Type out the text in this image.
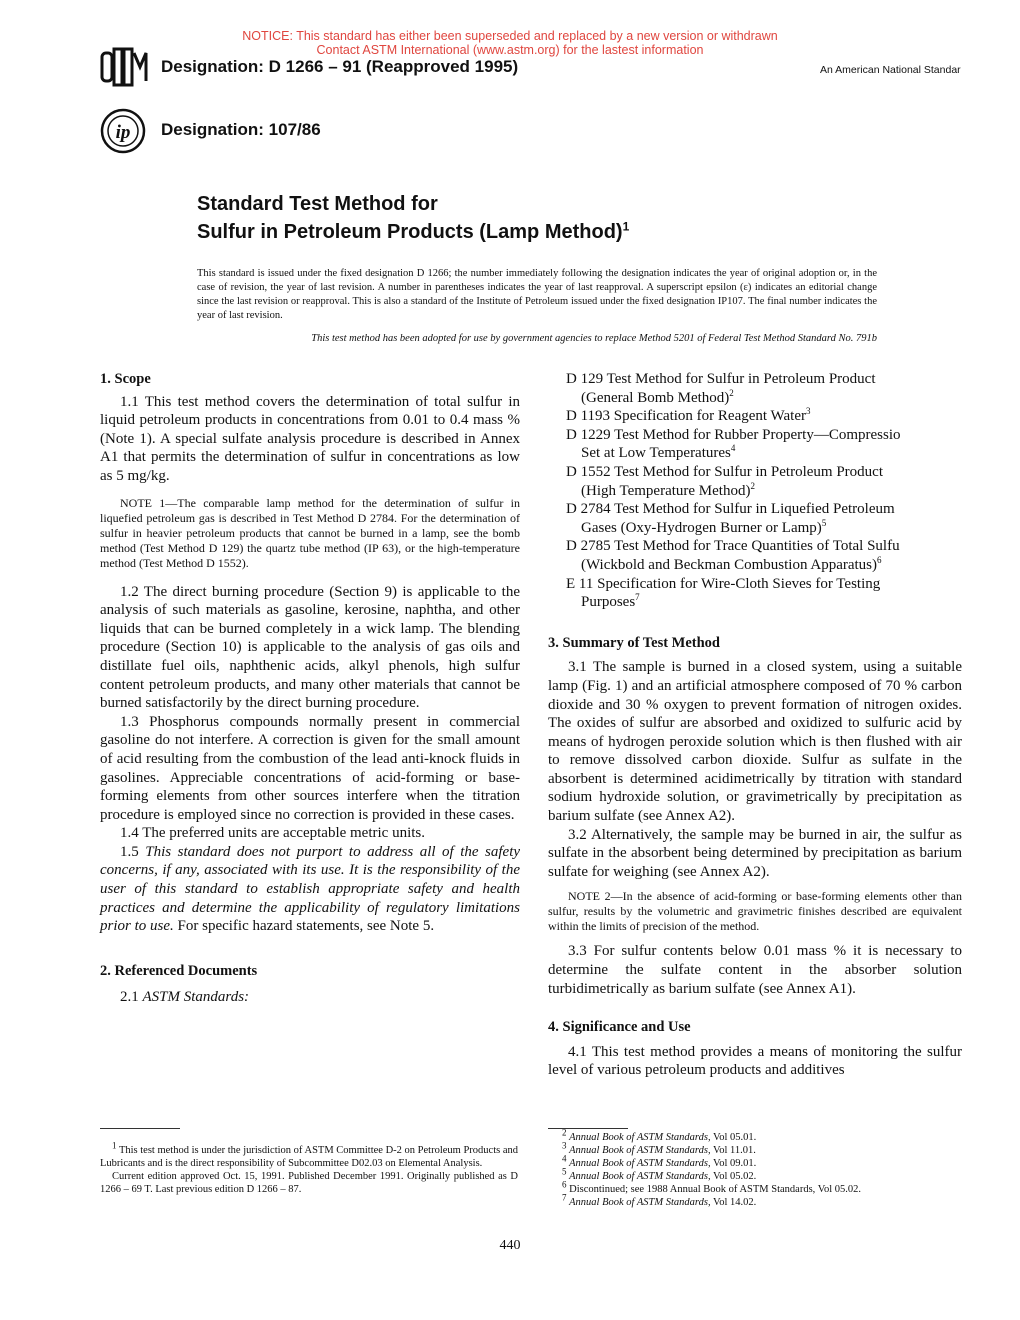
NOTICE: This standard has either been superseded and replaced by a new version or withdrawn
Contact ASTM International (www.astm.org) for the lastest information
Designation: D 1266 – 91 (Reapproved 1995)	An American National Standar
ip Designation: 107/86
Standard Test Method for
Sulfur in Petroleum Products (Lamp Method)$^1$
This standard is issued under the fixed designation D 1266; the number immediately following the designation indicates the year of original adoption or, in the case of revision, the year of last revision. A number in parentheses indicates the year of last reapproval. A superscript epsilon (ε) indicates an editorial change since the last revision or reapproval. This is also a standard of the Institute of Petroleum issued under the fixed designation IP107. The final number indicates the year of last revision.
This test method has been adopted for use by government agencies to replace Method 5201 of Federal Test Method Standard No. 791b
1. Scope

1.1 This test method covers the determination of total sulfur in liquid petroleum products in concentrations from 0.01 to 0.4 mass % (Note 1). A special sulfate analysis procedure is described in Annex A1 that permits the determination of sulfur in concentrations as low as 5 mg/kg.

NOTE 1—The comparable lamp method for the determination of sulfur in liquefied petroleum gas is described in Test Method D 2784. For the determination of sulfur in heavier petroleum products that cannot be burned in a lamp, see the bomb method (Test Method D 129) the quartz tube method (IP 63), or the high-temperature method (Test Method D 1552).

1.2 The direct burning procedure (Section 9) is applicable to the analysis of such materials as gasoline, kerosine, naphtha, and other liquids that can be burned completely in a wick lamp. The blending procedure (Section 10) is applicable to the analysis of gas oils and distillate fuel oils, naphthenic acids, alkyl phenols, high sulfur content petroleum products, and many other materials that cannot be burned satisfactorily by the direct burning procedure.

1.3 Phosphorus compounds normally present in commercial gasoline do not interfere. A correction is given for the small amount of acid resulting from the combustion of the lead anti-knock fluids in gasolines. Appreciable concentrations of acid-forming or base-forming elements from other sources interfere when the titration procedure is employed since no correction is provided in these cases.

1.4 The preferred units are acceptable metric units.

1.5 This standard does not purport to address all of the safety concerns, if any, associated with its use. It is the responsibility of the user of this standard to establish appropriate safety and health practices and determine the applicability of regulatory limitations prior to use. For specific hazard statements, see Note 5.

2. Referenced Documents

2.1 ASTM Standards:

D 129 Test Method for Sulfur in Petroleum Product
(General Bomb Method)$^2$
D 1193 Specification for Reagent Water$^3$
D 1229 Test Method for Rubber Property—Compressio
Set at Low Temperatures$^4$
D 1552 Test Method for Sulfur in Petroleum Product
(High Temperature Method)$^2$
D 2784 Test Method for Sulfur in Liquefied Petroleum
Gases (Oxy-Hydrogen Burner or Lamp)$^5$
D 2785 Test Method for Trace Quantities of Total Sulfu
(Wickbold and Beckman Combustion Apparatus)$^6$
E 11 Specification for Wire-Cloth Sieves for Testing
Purposes$^7$
3. Summary of Test Method

3.1 The sample is burned in a closed system, using a suitable lamp (Fig. 1) and an artificial atmosphere composed of 70 % carbon dioxide and 30 % oxygen to prevent formation of nitrogen oxides. The oxides of sulfur are absorbed and oxidized to sulfuric acid by means of hydrogen peroxide solution which is then flushed with air to remove dissolved carbon dioxide. Sulfur as sulfate in the absorbent is determined acidimetrically by titration with standard sodium hydroxide solution, or gravimetrically by precipitation as barium sulfate (see Annex A2).

3.2 Alternatively, the sample may be burned in air, the sulfur as sulfate in the absorbent being determined by precipitation as barium sulfate for weighing (see Annex A2).

NOTE 2—In the absence of acid-forming or base-forming elements other than sulfur, results by the volumetric and gravimetric finishes described are equivalent within the limits of precision of the method.

3.3 For sulfur contents below 0.01 mass % it is necessary to determine the sulfate content in the absorber solution turbidimetrically as barium sulfate (see Annex A1).

4. Significance and Use

4.1 This test method provides a means of monitoring the sulfur level of various petroleum products and additives

$^1$ This test method is under the jurisdiction of ASTM Committee D-2 on Petroleum Products and Lubricants and is the direct responsibility of Subcommittee D02.03 on Elemental Analysis.

Current edition approved Oct. 15, 1991. Published December 1991. Originally published as D 1266 – 69 T. Last previous edition D 1266 – 87.

$^2$ Annual Book of ASTM Standards, Vol 05.01.
$^3$ Annual Book of ASTM Standards, Vol 11.01.
$^4$ Annual Book of ASTM Standards, Vol 09.01.
$^5$ Annual Book of ASTM Standards, Vol 05.02.
$^6$ Discontinued; see 1988 Annual Book of ASTM Standards, Vol 05.02.
$^7$ Annual Book of ASTM Standards, Vol 14.02.
440
